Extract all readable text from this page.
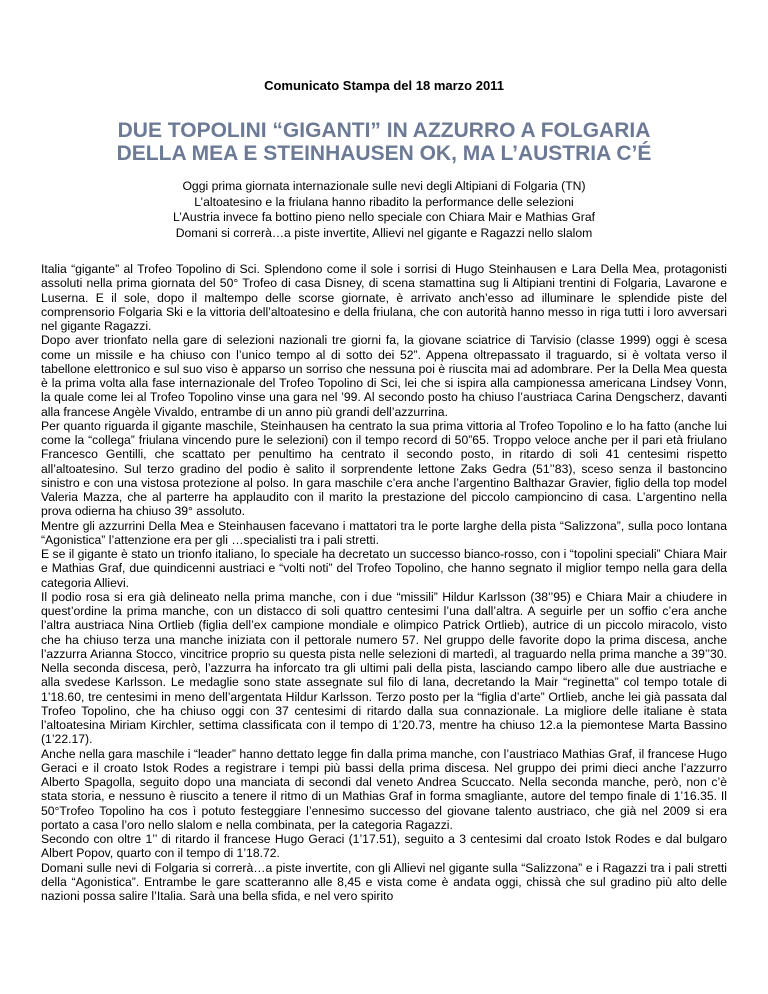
Comunicato Stampa del 18 marzo 2011
DUE TOPOLINI “GIGANTI” IN AZZURRO A FOLGARIA
DELLA MEA E STEINHAUSEN OK, MA L’AUSTRIA C’É
Oggi prima giornata internazionale sulle nevi degli Altipiani di Folgaria (TN)
L’altoatesino e la friulana hanno ribadito la performance delle selezioni
L’Austria invece fa bottino pieno nello speciale con Chiara Mair e Mathias Graf
Domani si correrà…a piste invertite, Allievi nel gigante e Ragazzi nello slalom

Italia “gigante” al Trofeo Topolino di Sci. Splendono come il sole i sorrisi di Hugo Steinhausen e Lara Della Mea, protagonisti assoluti nella prima giornata del 50° Trofeo di casa Disney, di scena stamattina sug li Altipiani trentini di Folgaria, Lavarone e Luserna. E il sole, dopo il maltempo delle scorse giornate, è arrivato anch’esso ad illuminare le splendide piste del comprensorio Folgaria Ski e la vittoria dell’altoatesino e della friulana, che con autorità hanno messo in riga tutti i loro avversari nel gigante Ragazzi.

Dopo aver trionfato nella gare di selezioni nazionali tre giorni fa, la giovane sciatrice di Tarvisio (classe 1999) oggi è scesa come un missile e ha chiuso con l’unico tempo al di sotto dei 52”. Appena oltrepassato il traguardo, si è voltata verso il tabellone elettronico e sul suo viso è apparso un sorriso che nessuna poi è riuscita mai ad adombrare. Per la Della Mea questa è la prima volta alla fase internazionale del Trofeo Topolino di Sci, lei che si ispira alla campionessa americana Lindsey Vonn, la quale come lei al Trofeo Topolino vinse una gara nel ’99. Al secondo posto ha chiuso l’austriaca Carina Dengscherz, davanti alla francese Angèle Vivaldo, entrambe di un anno più grandi dell’azzurrina.

Per quanto riguarda il gigante maschile, Steinhausen ha centrato la sua prima vittoria al Trofeo Topolino e lo ha fatto (anche lui come la “collega” friulana vincendo pure le selezioni) con il tempo record di 50”65. Troppo veloce anche per il pari età friulano Francesco Gentilli, che scattato per penultimo ha centrato il secondo posto, in ritardo di soli 41 centesimi rispetto all’altoatesino. Sul terzo gradino del podio è salito il sorprendente lettone Zaks Gedra (51’’83), sceso senza il bastoncino sinistro e con una vistosa protezione al polso. In gara maschile c’era anche l’argentino Balthazar Gravier, figlio della top model Valeria Mazza, che al parterre ha applaudito con il marito la prestazione del piccolo campioncino di casa. L’argentino nella prova odierna ha chiuso 39° assoluto.

Mentre gli azzurrini Della Mea e Steinhausen facevano i mattatori tra le porte larghe della pista “Salizzona”, sulla poco lontana “Agonistica” l’attenzione era per gli …specialisti tra i pali stretti.

E se il gigante è stato un trionfo italiano, lo speciale ha decretato un successo bianco-rosso, con i “topolini speciali” Chiara Mair e Mathias Graf, due quindicenni austriaci e “volti noti” del Trofeo Topolino, che hanno segnato il miglior tempo nella gara della categoria Allievi.

Il podio rosa si era già delineato nella prima manche, con i due “missili” Hildur Karlsson (38’’95) e Chiara Mair a chiudere in quest’ordine la prima manche, con un distacco di soli quattro centesimi l’una dall’altra. A seguirle per un soffio c’era anche l’altra austriaca Nina Ortlieb (figlia dell’ex campione mondiale e olimpico Patrick Ortlieb), autrice di un piccolo miracolo, visto che ha chiuso terza una manche iniziata con il pettorale numero 57. Nel gruppo delle favorite dopo la prima discesa, anche l’azzurra Arianna Stocco, vincitrice proprio su questa pista nelle selezioni di martedì, al traguardo nella prima manche a 39’’30. Nella seconda discesa, però, l’azzurra ha inforcato tra gli ultimi pali della pista, lasciando campo libero alle due austriache e alla svedese Karlsson. Le medaglie sono state assegnate sul filo di lana, decretando la Mair “reginetta” col tempo totale di 1’18.60, tre centesimi in meno dell’argentata Hildur Karlsson. Terzo posto per la “figlia d’arte” Ortlieb, anche lei già passata dal Trofeo Topolino, che ha chiuso oggi con 37 centesimi di ritardo dalla sua connazionale. La migliore delle italiane è stata l’altoatesina Miriam Kirchler, settima classificata con il tempo di 1’20.73, mentre ha chiuso 12.a la piemontese Marta Bassino (1’22.17).

Anche nella gara maschile i “leader” hanno dettato legge fin dalla prima manche, con l’austriaco Mathias Graf, il francese Hugo Geraci e il croato Istok Rodes a registrare i tempi più bassi della prima discesa. Nel gruppo dei primi dieci anche l’azzurro Alberto Spagolla, seguito dopo una manciata di secondi dal veneto Andrea Scuccato. Nella seconda manche, però, non c’è stata storia, e nessuno è riuscito a tenere il ritmo di un Mathias Graf in forma smagliante, autore del tempo finale di 1’16.35. Il 50°Trofeo Topolino ha cos ì potuto festeggiare l’ennesimo successo del giovane talento austriaco, che già nel 2009 si era portato a casa l’oro nello slalom e nella combinata, per la categoria Ragazzi.

Secondo con oltre 1’’ di ritardo il francese Hugo Geraci (1’17.51), seguito a 3 centesimi dal croato Istok Rodes e dal bulgaro Albert Popov, quarto con il tempo di 1’18.72.

Domani sulle nevi di Folgaria si correrà…a piste invertite, con gli Allievi nel gigante sulla “Salizzona” e i Ragazzi tra i pali stretti della “Agonistica”. Entrambe le gare scatteranno alle 8,45 e vista come è andata oggi, chissà che sul gradino più alto delle nazioni possa salire l’Italia. Sarà una bella sfida, e nel vero spirito
